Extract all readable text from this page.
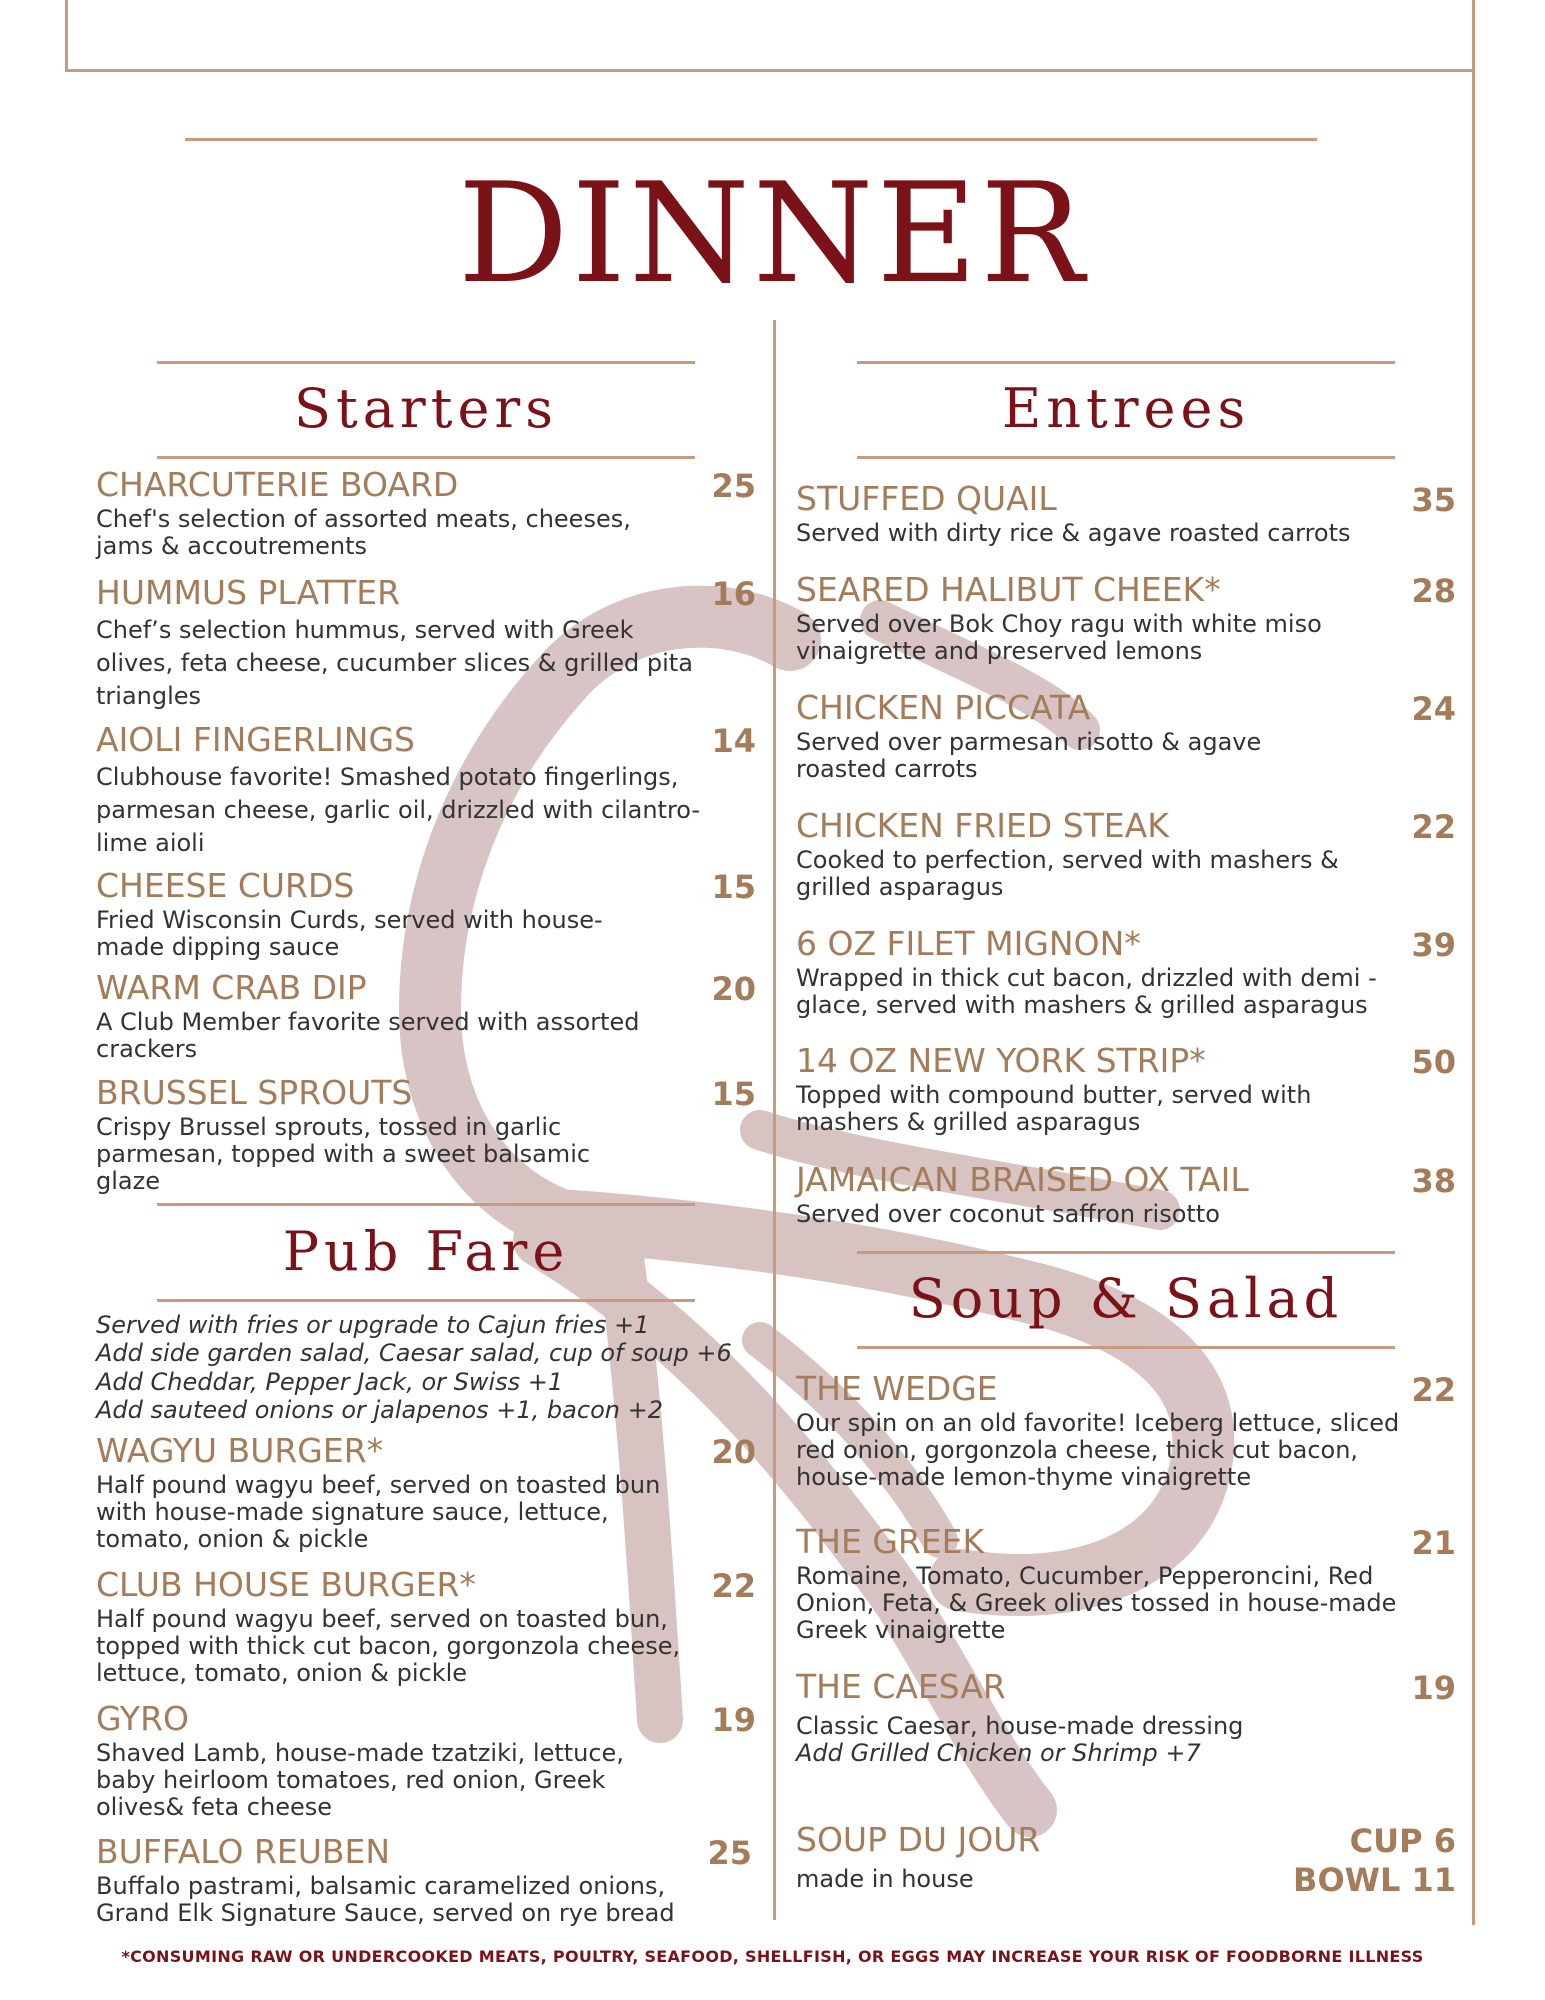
DINNER
Starters
CHARCUTERIE BOARD	25
Chef's selection of assorted meats, cheeses, jams & accoutrements
HUMMUS PLATTER	16
Chef’s selection hummus, served with Greek olives, feta cheese, cucumber slices & grilled pita triangles
AIOLI FINGERLINGS	14
Clubhouse favorite! Smashed potato fingerlings, parmesan cheese, garlic oil, drizzled with cilantro-lime aioli
CHEESE CURDS	15
Fried Wisconsin Curds, served with house-made dipping sauce
WARM CRAB DIP	20
A Club Member favorite served with assorted crackers
BRUSSEL SPROUTS	15
Crispy Brussel sprouts, tossed in garlic parmesan, topped with a sweet balsamic glaze
Pub Fare
Served with fries or upgrade to Cajun fries +1
Add side garden salad, Caesar salad, cup of soup +6
Add Cheddar, Pepper Jack, or Swiss +1
Add sauteed onions or jalapenos +1, bacon +2
WAGYU BURGER*	20
Half pound wagyu beef, served on toasted bun with house-made signature sauce, lettuce, tomato, onion & pickle
CLUB HOUSE BURGER*	22
Half pound wagyu beef, served on toasted bun, topped with thick cut bacon, gorgonzola cheese, lettuce, tomato, onion & pickle
GYRO	19
Shaved Lamb, house-made tzatziki, lettuce, baby heirloom tomatoes, red onion, Greek olives& feta cheese
BUFFALO REUBEN	25
Buffalo pastrami, balsamic caramelized onions, Grand Elk Signature Sauce, served on rye bread
Entrees
STUFFED QUAIL	35
Served with dirty rice & agave roasted carrots
SEARED HALIBUT CHEEK*	28
Served over Bok Choy ragu with white miso vinaigrette and preserved lemons
CHICKEN PICCATA	24
Served over parmesan risotto & agave roasted carrots
CHICKEN FRIED STEAK	22
Cooked to perfection, served with mashers & grilled asparagus
6 OZ FILET MIGNON*	39
Wrapped in thick cut bacon, drizzled with demi -glace, served with mashers & grilled asparagus
14 OZ NEW YORK STRIP*	50
Topped with compound butter, served with mashers & grilled asparagus
JAMAICAN BRAISED OX TAIL	38
Served over coconut saffron risotto
Soup & Salad
THE WEDGE	22
Our spin on an old favorite! Iceberg lettuce, sliced red onion, gorgonzola cheese, thick cut bacon, house-made lemon-thyme vinaigrette
THE GREEK	21
Romaine, Tomato, Cucumber, Pepperoncini, Red Onion, Feta, & Greek olives tossed in house-made Greek vinaigrette
THE CAESAR	19
Classic Caesar, house-made dressing
Add Grilled Chicken or Shrimp +7
SOUP DU JOUR
made in house
CUP 6
BOWL 11
*CONSUMING RAW OR UNDERCOOKED MEATS, POULTRY, SEAFOOD, SHELLFISH, OR EGGS MAY INCREASE YOUR RISK OF FOODBORNE ILLNESS
